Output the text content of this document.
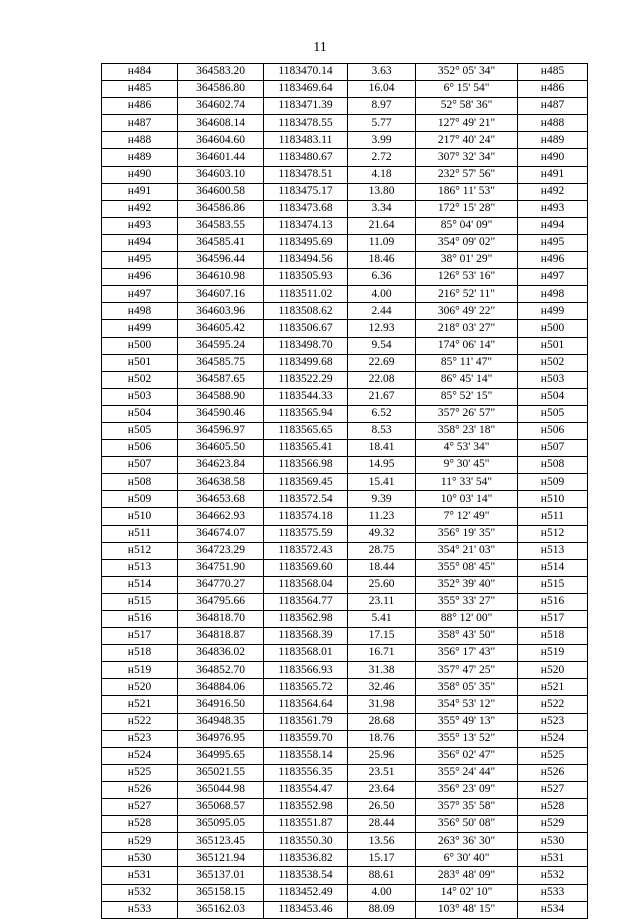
11
н484	364583.20	1183470.14	3.63	352° 05' 34"	н485
н485	364586.80	1183469.64	16.04	6° 15' 54"	н486
н486	364602.74	1183471.39	8.97	52° 58' 36"	н487
н487	364608.14	1183478.55	5.77	127° 49' 21"	н488
н488	364604.60	1183483.11	3.99	217° 40' 24"	н489
н489	364601.44	1183480.67	2.72	307° 32' 34"	н490
н490	364603.10	1183478.51	4.18	232° 57' 56"	н491
н491	364600.58	1183475.17	13.80	186° 11' 53"	н492
н492	364586.86	1183473.68	3.34	172° 15' 28"	н493
н493	364583.55	1183474.13	21.64	85° 04' 09"	н494
н494	364585.41	1183495.69	11.09	354° 09' 02"	н495
н495	364596.44	1183494.56	18.46	38° 01' 29"	н496
н496	364610.98	1183505.93	6.36	126° 53' 16"	н497
н497	364607.16	1183511.02	4.00	216° 52' 11"	н498
н498	364603.96	1183508.62	2.44	306° 49' 22"	н499
н499	364605.42	1183506.67	12.93	218° 03' 27"	н500
н500	364595.24	1183498.70	9.54	174° 06' 14"	н501
н501	364585.75	1183499.68	22.69	85° 11' 47"	н502
н502	364587.65	1183522.29	22.08	86° 45' 14"	н503
н503	364588.90	1183544.33	21.67	85° 52' 15"	н504
н504	364590.46	1183565.94	6.52	357° 26' 57"	н505
н505	364596.97	1183565.65	8.53	358° 23' 18"	н506
н506	364605.50	1183565.41	18.41	4° 53' 34"	н507
н507	364623.84	1183566.98	14.95	9° 30' 45"	н508
н508	364638.58	1183569.45	15.41	11° 33' 54"	н509
н509	364653.68	1183572.54	9.39	10° 03' 14"	н510
н510	364662.93	1183574.18	11.23	7° 12' 49"	н511
н511	364674.07	1183575.59	49.32	356° 19' 35"	н512
н512	364723.29	1183572.43	28.75	354° 21' 03"	н513
н513	364751.90	1183569.60	18.44	355° 08' 45"	н514
н514	364770.27	1183568.04	25.60	352° 39' 40"	н515
н515	364795.66	1183564.77	23.11	355° 33' 27"	н516
н516	364818.70	1183562.98	5.41	88° 12' 00"	н517
н517	364818.87	1183568.39	17.15	358° 43' 50"	н518
н518	364836.02	1183568.01	16.71	356° 17' 43"	н519
н519	364852.70	1183566.93	31.38	357° 47' 25"	н520
н520	364884.06	1183565.72	32.46	358° 05' 35"	н521
н521	364916.50	1183564.64	31.98	354° 53' 12"	н522
н522	364948.35	1183561.79	28.68	355° 49' 13"	н523
н523	364976.95	1183559.70	18.76	355° 13' 52"	н524
н524	364995.65	1183558.14	25.96	356° 02' 47"	н525
н525	365021.55	1183556.35	23.51	355° 24' 44"	н526
н526	365044.98	1183554.47	23.64	356° 23' 09"	н527
н527	365068.57	1183552.98	26.50	357° 35' 58"	н528
н528	365095.05	1183551.87	28.44	356° 50' 08"	н529
н529	365123.45	1183550.30	13.56	263° 36' 30"	н530
н530	365121.94	1183536.82	15.17	6° 30' 40"	н531
н531	365137.01	1183538.54	88.61	283° 48' 09"	н532
н532	365158.15	1183452.49	4.00	14° 02' 10"	н533
н533	365162.03	1183453.46	88.09	103° 48' 15"	н534
